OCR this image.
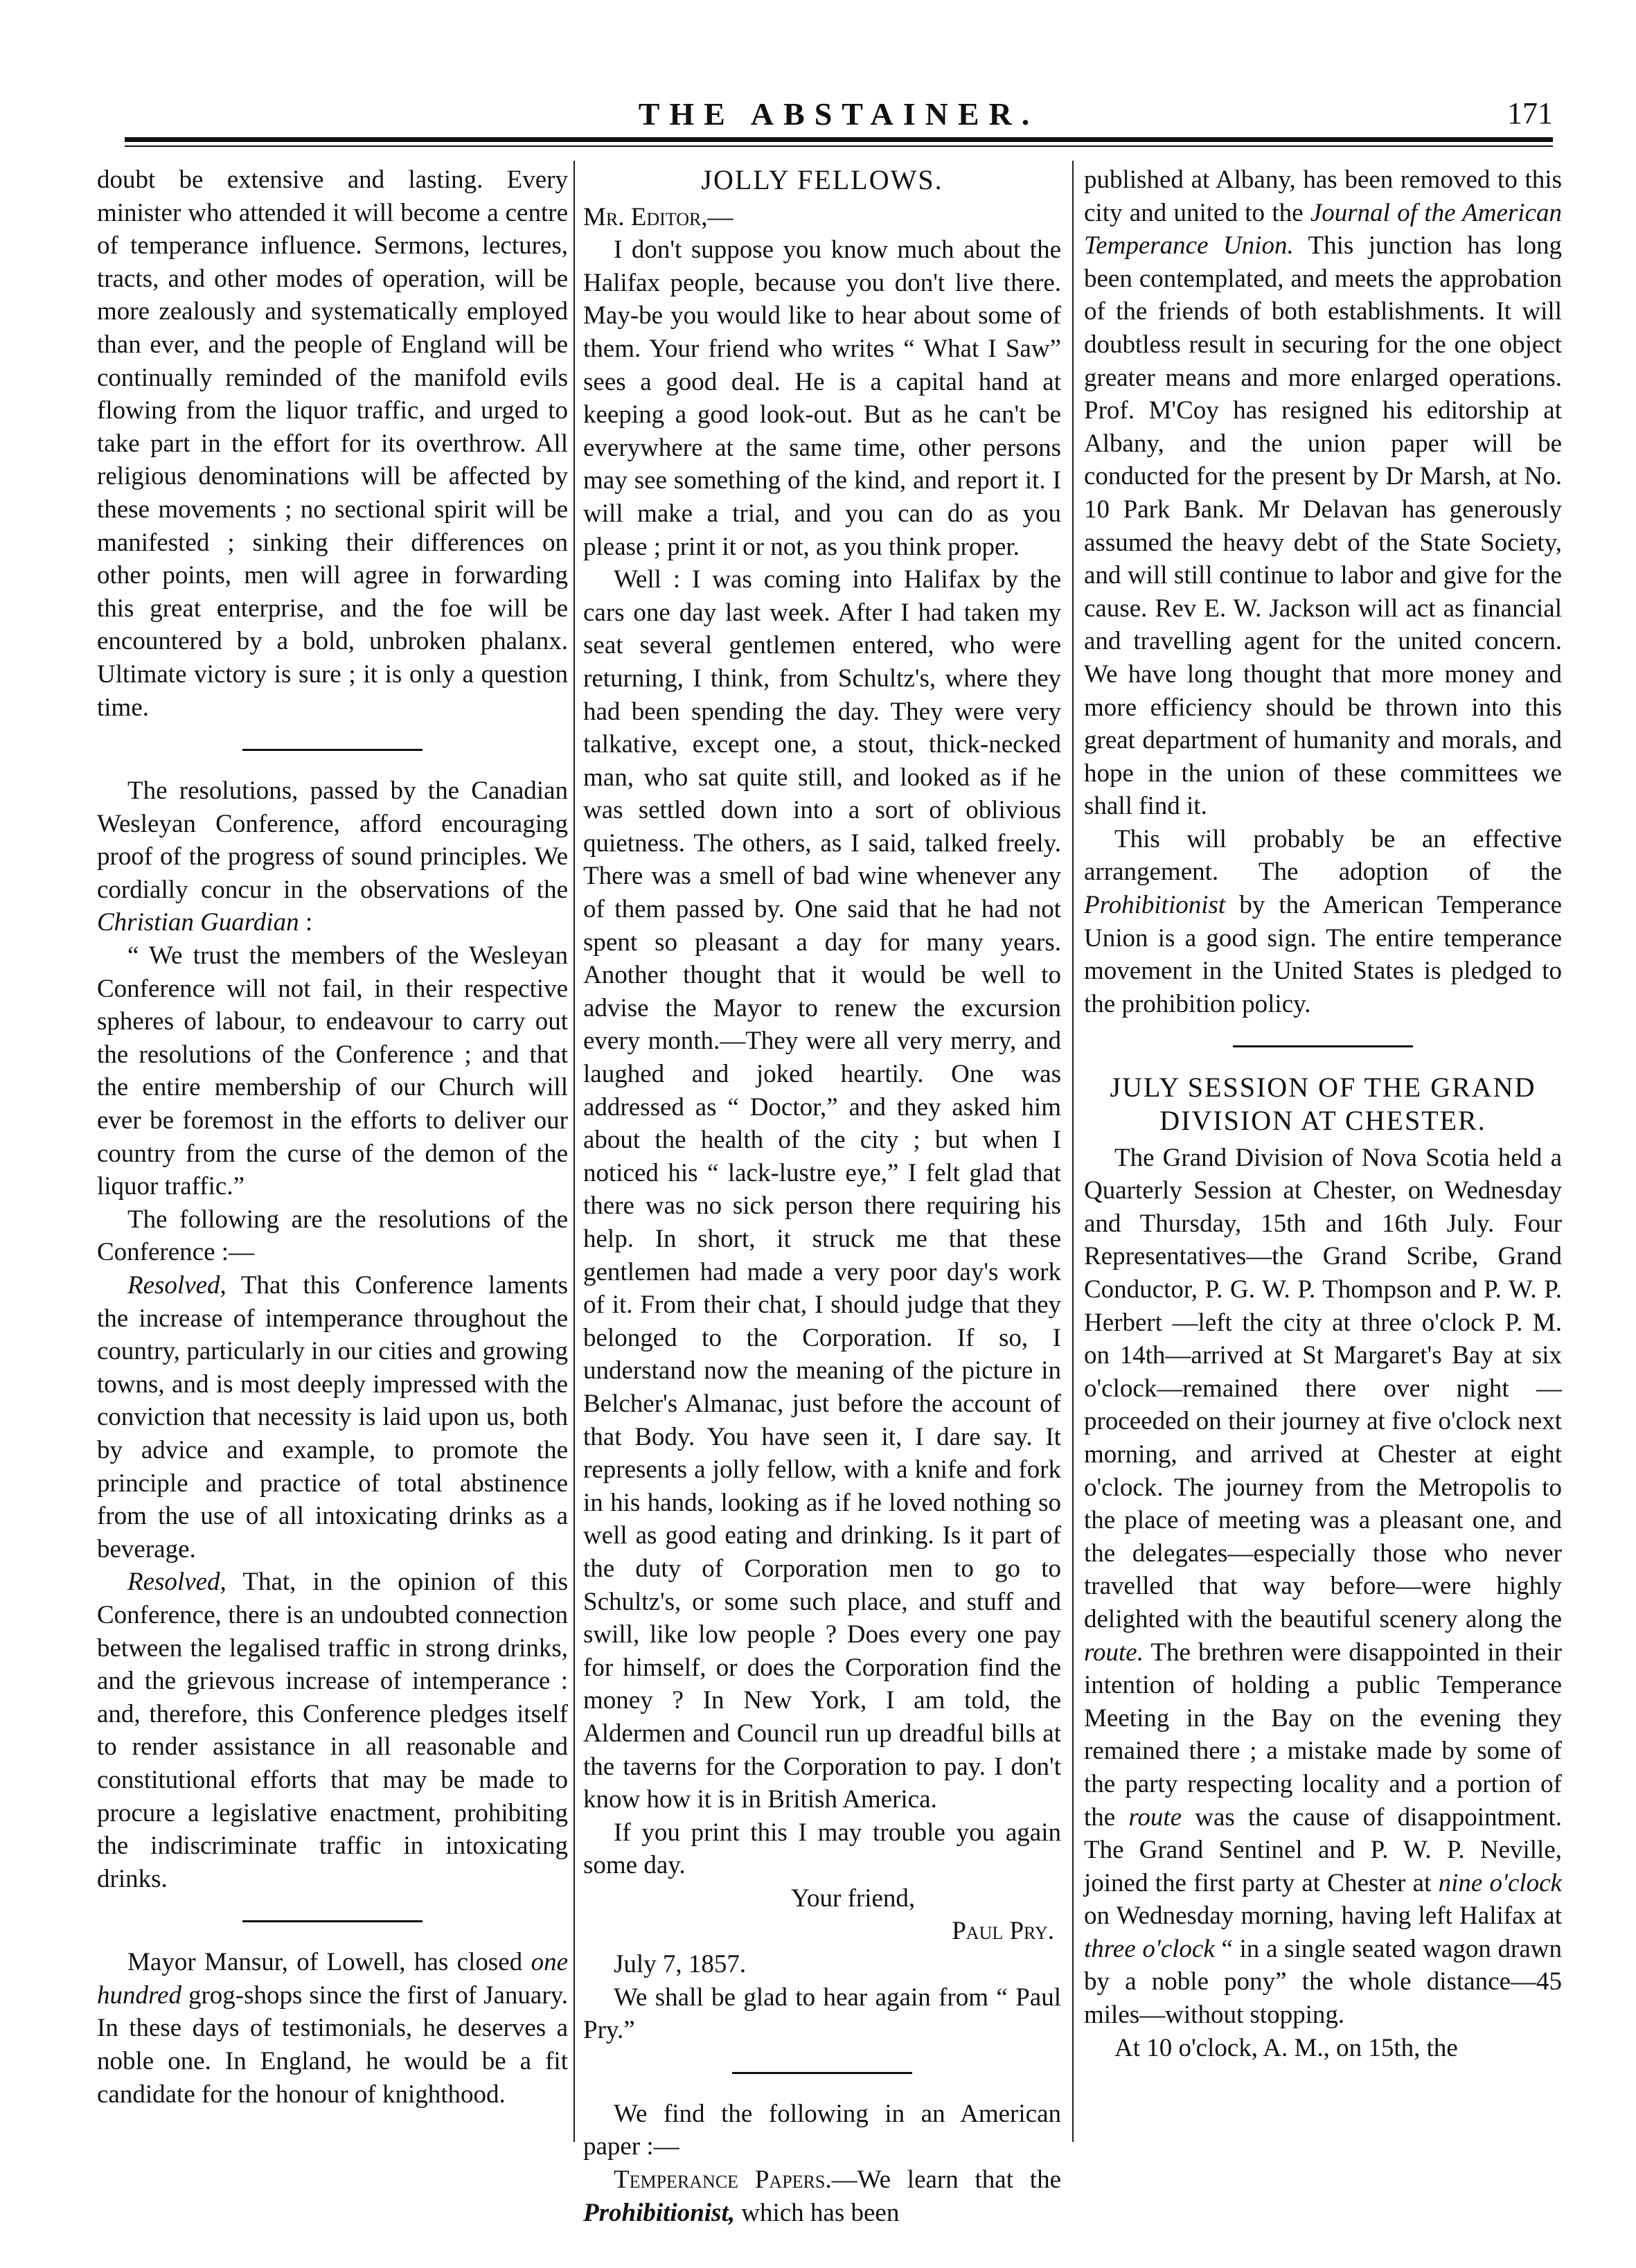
THE ABSTAINER.	171

doubt be extensive and lasting. Every minister who attended it will become a centre of temperance influence. Sermons, lectures, tracts, and other modes of operation, will be more zealously and systematically employed than ever, and the people of England will be continually reminded of the manifold evils flowing from the liquor traffic, and urged to take part in the effort for its overthrow. All religious denominations will be affected by these movements ; no sectional spirit will be manifested ; sinking their differences on other points, men will agree in forwarding this great enterprise, and the foe will be encountered by a bold, unbroken phalanx. Ultimate victory is sure ; it is only a question time.

The resolutions, passed by the Canadian Wesleyan Conference, afford encouraging proof of the progress of sound principles. We cordially concur in the observations of the Christian Guardian :

“ We trust the members of the Wesleyan Conference will not fail, in their respective spheres of labour, to endeavour to carry out the resolutions of the Conference ; and that the entire membership of our Church will ever be foremost in the efforts to deliver our country from the curse of the demon of the liquor traffic.”

The following are the resolutions of the Conference :—

Resolved, That this Conference laments the increase of intemperance throughout the country, particularly in our cities and growing towns, and is most deeply impressed with the conviction that necessity is laid upon us, both by advice and example, to promote the principle and practice of total abstinence from the use of all intoxicating drinks as a beverage.

Resolved, That, in the opinion of this Conference, there is an undoubted connection between the legalised traffic in strong drinks, and the grievous increase of intemperance : and, therefore, this Conference pledges itself to render assistance in all reasonable and constitutional efforts that may be made to procure a legislative enactment, prohibiting the indiscriminate traffic in intoxicating drinks.

Mayor Mansur, of Lowell, has closed one hundred grog-shops since the first of January. In these days of testimonials, he deserves a noble one. In England, he would be a fit candidate for the honour of knighthood.

JOLLY FELLOWS.

Mr. Editor,—

I don't suppose you know much about the Halifax people, because you don't live there. May-be you would like to hear about some of them. Your friend who writes “ What I Saw” sees a good deal. He is a capital hand at keeping a good look-out. But as he can't be everywhere at the same time, other persons may see something of the kind, and report it. I will make a trial, and you can do as you please ; print it or not, as you think proper.

Well : I was coming into Halifax by the cars one day last week. After I had taken my seat several gentlemen entered, who were returning, I think, from Schultz's, where they had been spending the day. They were very talkative, except one, a stout, thick-necked man, who sat quite still, and looked as if he was settled down into a sort of oblivious quietness. The others, as I said, talked freely. There was a smell of bad wine whenever any of them passed by. One said that he had not spent so pleasant a day for many years. Another thought that it would be well to advise the Mayor to renew the excursion every month.—They were all very merry, and laughed and joked heartily. One was addressed as “ Doctor,” and they asked him about the health of the city ; but when I noticed his “ lack-lustre eye,” I felt glad that there was no sick person there requiring his help. In short, it struck me that these gentlemen had made a very poor day's work of it. From their chat, I should judge that they belonged to the Corporation. If so, I understand now the meaning of the picture in Belcher's Almanac, just before the account of that Body. You have seen it, I dare say. It represents a jolly fellow, with a knife and fork in his hands, looking as if he loved nothing so well as good eating and drinking. Is it part of the duty of Corporation men to go to Schultz's, or some such place, and stuff and swill, like low people ? Does every one pay for himself, or does the Corporation find the money ? In New York, I am told, the Aldermen and Council run up dreadful bills at the taverns for the Corporation to pay. I don't know how it is in British America.

If you print this I may trouble you again some day.

Your friend,

Paul Pry.

July 7, 1857.

We shall be glad to hear again from “ Paul Pry.”

We find the following in an American paper :—

Temperance Papers.—We learn that the Prohibitionist, which has been

published at Albany, has been removed to this city and united to the Journal of the American Temperance Union. This junction has long been contemplated, and meets the approbation of the friends of both establishments. It will doubtless result in securing for the one object greater means and more enlarged operations. Prof. M'Coy has resigned his editorship at Albany, and the union paper will be conducted for the present by Dr Marsh, at No. 10 Park Bank. Mr Delavan has generously assumed the heavy debt of the State Society, and will still continue to labor and give for the cause. Rev E. W. Jackson will act as financial and travelling agent for the united concern. We have long thought that more money and more efficiency should be thrown into this great department of humanity and morals, and hope in the union of these committees we shall find it.

This will probably be an effective arrangement. The adoption of the Prohibitionist by the American Temperance Union is a good sign. The entire temperance movement in the United States is pledged to the prohibition policy.

JULY SESSION OF THE GRAND DIVISION AT CHESTER.

The Grand Division of Nova Scotia held a Quarterly Session at Chester, on Wednesday and Thursday, 15th and 16th July. Four Representatives—the Grand Scribe, Grand Conductor, P. G. W. P. Thompson and P. W. P. Herbert —left the city at three o'clock P. M. on 14th—arrived at St Margaret's Bay at six o'clock—remained there over night —proceeded on their journey at five o'clock next morning, and arrived at Chester at eight o'clock. The journey from the Metropolis to the place of meeting was a pleasant one, and the delegates—especially those who never travelled that way before—were highly delighted with the beautiful scenery along the route. The brethren were disappointed in their intention of holding a public Temperance Meeting in the Bay on the evening they remained there ; a mistake made by some of the party respecting locality and a portion of the route was the cause of disappointment. The Grand Sentinel and P. W. P. Neville, joined the first party at Chester at nine o'clock on Wednesday morning, having left Halifax at three o'clock “ in a single seated wagon drawn by a noble pony” the whole distance—45 miles—without stopping.

At 10 o'clock, A. M., on 15th, the
